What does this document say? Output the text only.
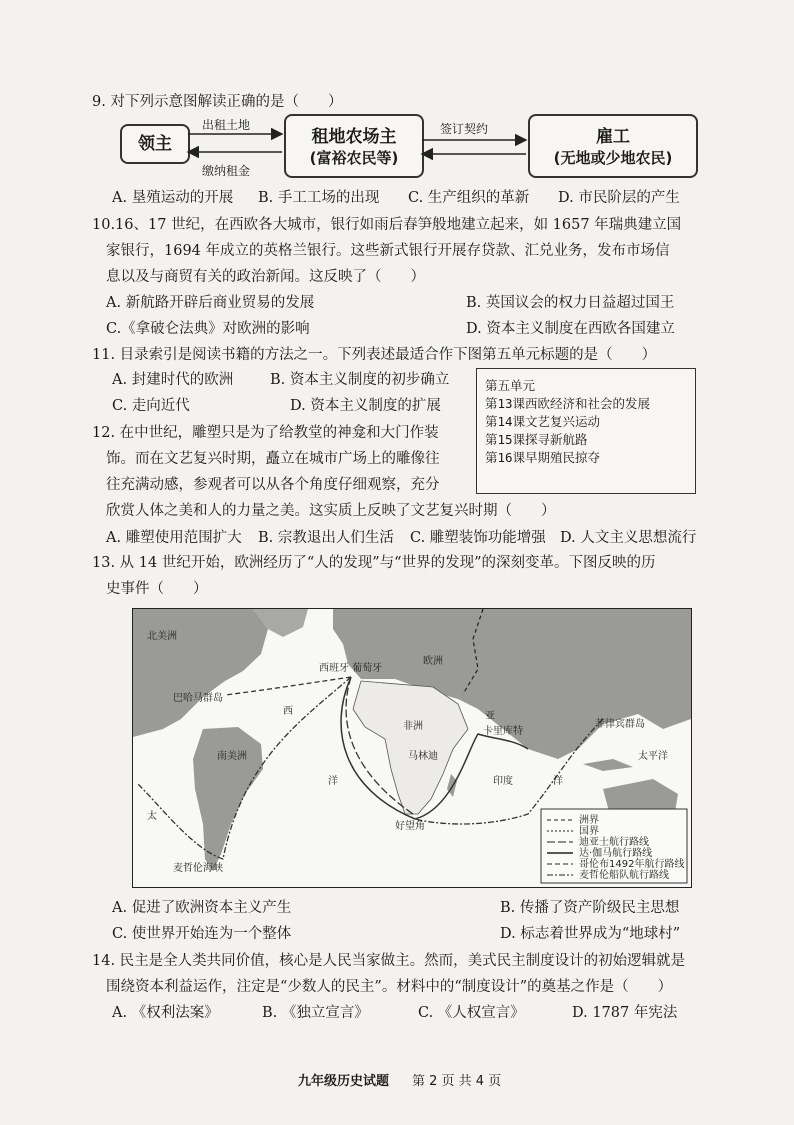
9. 对下列示意图解读正确的是（　　）
领主	租地农场主
(富裕农民等)
雇工
(无地或少地农民)
出租土地
缴纳租金
签订契约
A. 垦殖运动的开展 B. 手工工场的出现 C. 生产组织的革新 D. 市民阶层的产生
10.16、17 世纪，在西欧各大城市，银行如雨后春笋般地建立起来，如 1657 年瑞典建立国
家银行，1694 年成立的英格兰银行。这些新式银行开展存贷款、汇兑业务，发布市场信
息以及与商贸有关的政治新闻。这反映了（　　）
A. 新航路开辟后商业贸易的发展	B. 英国议会的权力日益超过国王
C.《拿破仑法典》对欧洲的影响	D. 资本主义制度在西欧各国建立
11. 目录索引是阅读书籍的方法之一。下列表述最适合作下图第五单元标题的是（　　）
A. 封建时代的欧洲	B. 资本主义制度的初步确立
C. 走向近代	D. 资本主义制度的扩展
第五单元
第13课西欧经济和社会的发展
第14课文艺复兴运动
第15课探寻新航路
第16课早期殖民掠夺
12. 在中世纪，雕塑只是为了给教堂的神龛和大门作装
饰。而在文艺复兴时期，矗立在城市广场上的雕像往
往充满动感，参观者可以从各个角度仔细观察，充分
欣赏人体之美和人的力量之美。这实质上反映了文艺复兴时期（　　）
A. 雕塑使用范围扩大 B. 宗教退出人们生活 C. 雕塑装饰功能增强 D. 人文主义思想流行
13. 从 14 世纪开始，欧洲经历了“人的发现”与“世界的发现”的深刻变革。下图反映的历
史事件（　　）
北美洲
南美洲
非洲
欧洲
亚
西
洋
太
太平洋
印度	洋
西班牙 葡萄牙
巴哈马群岛
卡里库特
马林迪
好望角
菲律宾群岛
麦哲伦海峡
洲界
国界
迪亚士航行路线
达·伽马航行路线
哥伦布1492年航行路线
麦哲伦船队航行路线
A. 促进了欧洲资本主义产生	B. 传播了资产阶级民主思想
C. 使世界开始连为一个整体	D. 标志着世界成为“地球村”
14. 民主是全人类共同价值，核心是人民当家做主。然而，美式民主制度设计的初始逻辑就是
围绕资本利益运作，注定是“少数人的民主”。材料中的“制度设计”的奠基之作是（　　）
A. 《权利法案》	B. 《独立宣言》	C. 《人权宣言》	D. 1787 年宪法
九年级历史试题 第 2 页 共 4 页
